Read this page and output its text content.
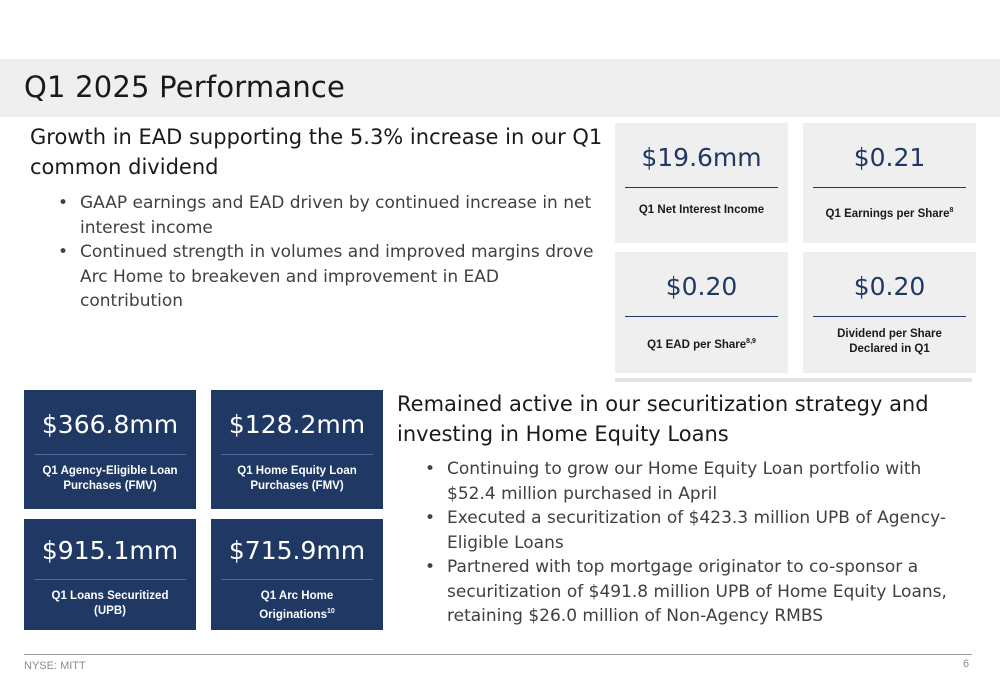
Q1 2025 Performance

Growth in EAD supporting the 5.3% increase in our Q1 common dividend

• GAAP earnings and EAD driven by continued increase in net interest income
• Continued strength in volumes and improved margins drove Arc Home to breakeven and improvement in EAD contribution
$19.6mm
Q1 Net Interest Income
$0.21
Q1 Earnings per Share$^8$
$0.20
Q1 EAD per Share$^{8,9}$
$0.20
Dividend per Share
Declared in Q1
$366.8mm
Q1 Agency-Eligible Loan
Purchases (FMV)
$128.2mm
Q1 Home Equity Loan
Purchases (FMV)
$915.1mm
Q1 Loans Securitized
(UPB)
$715.9mm
Q1 Arc Home
Originations$^{10}$

Remained active in our securitization strategy and investing in Home Equity Loans

• Continuing to grow our Home Equity Loan portfolio with $52.4 million purchased in April
• Executed a securitization of $423.3 million UPB of Agency-Eligible Loans
• Partnered with top mortgage originator to co-sponsor a securitization of $491.8 million UPB of Home Equity Loans, retaining $26.0 million of Non-Agency RMBS
NYSE: MITT	6
